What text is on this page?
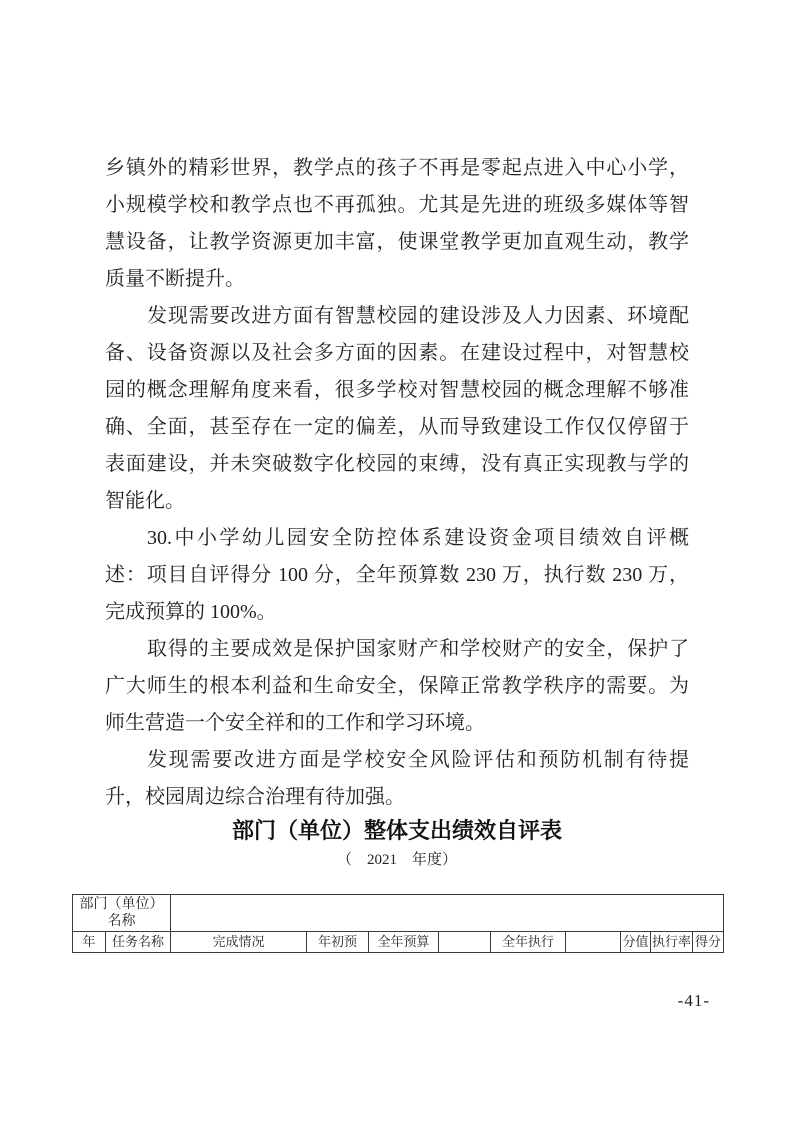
乡镇外的精彩世界，教学点的孩子不再是零起点进入中心小学，
小规模学校和教学点也不再孤独。尤其是先进的班级多媒体等智
慧设备，让教学资源更加丰富，使课堂教学更加直观生动，教学
质量不断提升。
发现需要改进方面有智慧校园的建设涉及人力因素、环境配
备、设备资源以及社会多方面的因素。在建设过程中，对智慧校
园的概念理解角度来看，很多学校对智慧校园的概念理解不够准
确、全面，甚至存在一定的偏差，从而导致建设工作仅仅停留于
表面建设，并未突破数字化校园的束缚，没有真正实现教与学的
智能化。
30.中小学幼儿园安全防控体系建设资金项目绩效自评概
述：项目自评得分 100 分，全年预算数 230 万，执行数 230 万，
完成预算的 100%。
取得的主要成效是保护国家财产和学校财产的安全，保护了
广大师生的根本利益和生命安全，保障正常教学秩序的需要。为
师生营造一个安全祥和的工作和学习环境。
发现需要改进方面是学校安全风险评估和预防机制有待提
升，校园周边综合治理有待加强。
部门（单位）整体支出绩效自评表
（　2021　年度）
部门（单位）名称										
年	任务名称	完成情况	年初预	全年预算		全年执行		分值	执行率	得分
-41-
